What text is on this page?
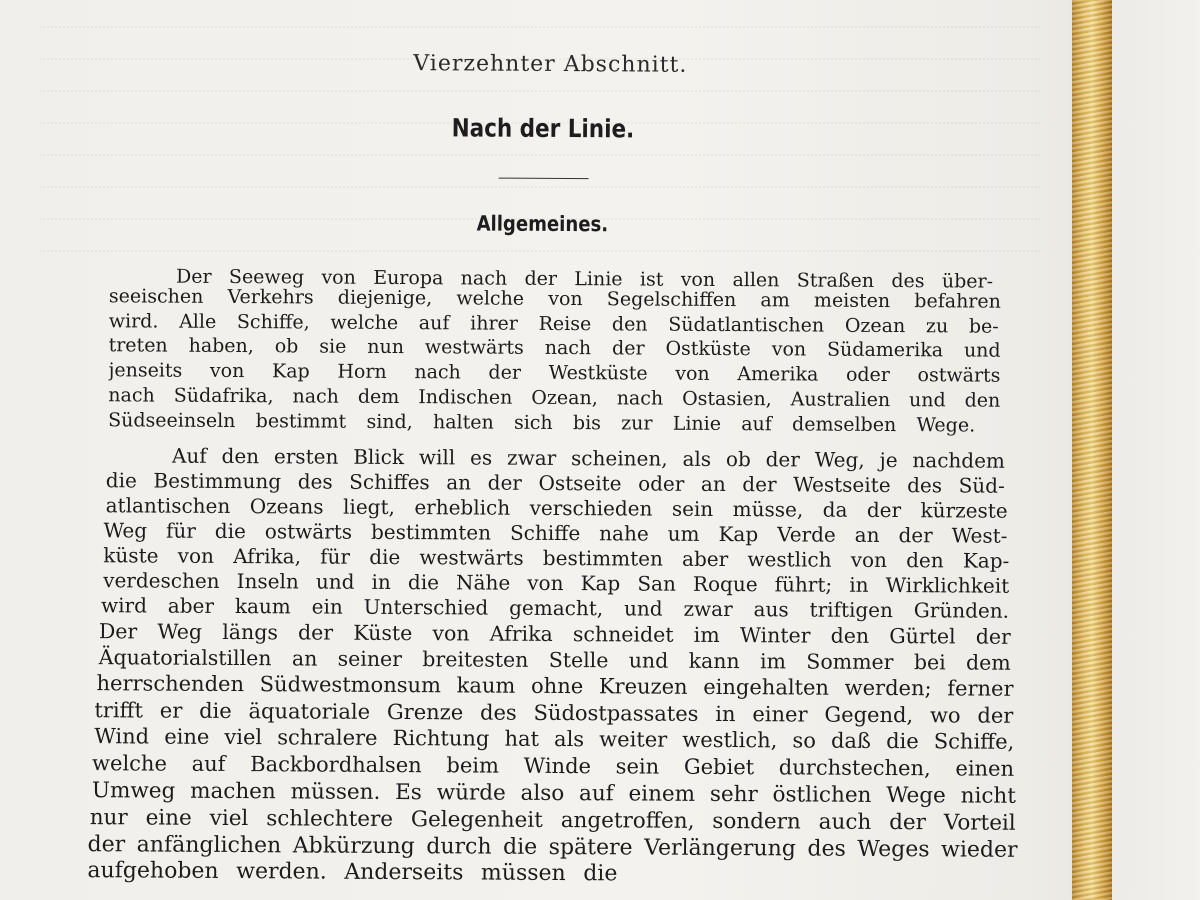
Vierzehnter Abschnitt.
Nach der Linie.
Allgemeines.
Der Seeweg von Europa nach der Linie ist von allen Straßen des über-
seeischen Verkehrs diejenige, welche von Segelschiffen am meisten befahren
wird. Alle Schiffe, welche auf ihrer Reise den Südatlantischen Ozean zu be-
treten haben, ob sie nun westwärts nach der Ostküste von Südamerika und
jenseits von Kap Horn nach der Westküste von Amerika oder ostwärts
nach Südafrika, nach dem Indischen Ozean, nach Ostasien, Australien und den
Südseeinseln bestimmt sind, halten sich bis zur Linie auf demselben Wege.
Auf den ersten Blick will es zwar scheinen, als ob der Weg, je nachdem
die Bestimmung des Schiffes an der Ostseite oder an der Westseite des Süd-
atlantischen Ozeans liegt, erheblich verschieden sein müsse, da der kürzeste
Weg für die ostwärts bestimmten Schiffe nahe um Kap Verde an der West-
küste von Afrika, für die westwärts bestimmten aber westlich von den Kap-
verdeschen Inseln und in die Nähe von Kap San Roque führt; in Wirklichkeit
wird aber kaum ein Unterschied gemacht, und zwar aus triftigen Gründen.
Der Weg längs der Küste von Afrika schneidet im Winter den Gürtel der
Äquatorialstillen an seiner breitesten Stelle und kann im Sommer bei dem
herrschenden Südwestmonsum kaum ohne Kreuzen eingehalten werden; ferner
trifft er die äquatoriale Grenze des Südostpassates in einer Gegend, wo der
Wind eine viel schralere Richtung hat als weiter westlich, so daß die Schiffe,
welche auf Backbordhalsen beim Winde sein Gebiet durchstechen, einen
Umweg machen müssen. Es würde also auf einem sehr östlichen Wege nicht
nur eine viel schlechtere Gelegenheit angetroffen, sondern auch der Vorteil
der anfänglichen Abkürzung durch die spätere Verlängerung des Weges wieder
aufgehoben werden. Anderseits müssen die
